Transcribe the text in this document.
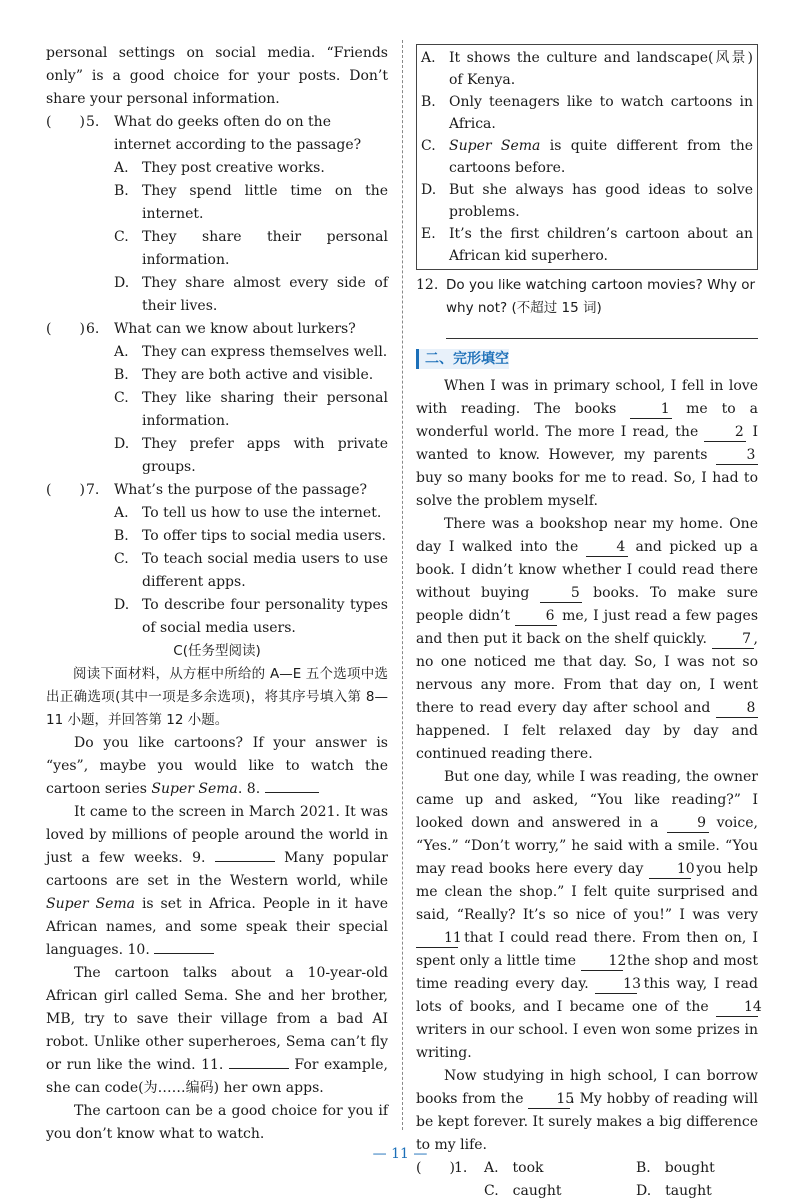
personal settings on social media. “Friends only” is a good choice for your posts. Don’t share your personal information.

(　　) 5. What do geeks often do on the internet according to the passage?
A. They post creative works.
B. They spend little time on the internet.
C. They share their personal information.
D. They share almost every side of their lives.
(　　) 6. What can we know about lurkers?
A. They can express themselves well.
B. They are both active and visible.
C. They like sharing their personal information.
D. They prefer apps with private groups.
(　　) 7. What’s the purpose of the passage?
A. To tell us how to use the internet.
B. To offer tips to social media users.
C. To teach social media users to use different apps.
D. To describe four personality types of social media users.
C(任务型阅读)

阅读下面材料，从方框中所给的 A—E 五个选项中选出正确选项(其中一项是多余选项)，将其序号填入第 8—11 小题，并回答第 12 小题。

Do you like cartoons? If your answer is “yes”, maybe you would like to watch the cartoon series Super Sema. 8.

It came to the screen in March 2021. It was loved by millions of people around the world in just a few weeks. 9.	Many popular cartoons are set in the Western world, while Super Sema is set in Africa. People in it have African names, and some speak their special languages. 10.

The cartoon talks about a 10-year-old African girl called Sema. She and her brother, MB, try to save their village from a bad AI robot. Unlike other superheroes, Sema can’t fly or run like the wind. 11.	For example, she can code(为……编码) her own apps.

The cartoon can be a good choice for you if you don’t know what to watch.

A. It shows the culture and landscape(风景) of Kenya.
B. Only teenagers like to watch cartoons in Africa.
C. Super Sema is quite different from the cartoons before.
D. But she always has good ideas to solve problems.
E. It’s the first children’s cartoon about an African kid superhero.
12. Do you like watching cartoon movies? Why or why not? (不超过 15 词)
二、完形填空

When I was in primary school, I fell in love with reading. The books 1 me to a wonderful world. The more I read, the 2 I wanted to know. However, my parents 3 buy so many books for me to read. So, I had to solve the problem myself.

There was a bookshop near my home. One day I walked into the 4 and picked up a book. I didn’t know whether I could read there without buying 5 books. To make sure people didn’t 6 me, I just read a few pages and then put it back on the shelf quickly. 7 , no one noticed me that day. So, I was not so nervous any more. From that day on, I went there to read every day after school and 8 happened. I felt relaxed day by day and continued reading there.

But one day, while I was reading, the owner came up and asked, “You like reading?” I looked down and answered in a 9 voice, “Yes.” “Don’t worry,” he said with a smile. “You may read books here every day 10 you help me clean the shop.” I felt quite surprised and said, “Really? It’s so nice of you!” I was very 11 that I could read there. From then on, I spent only a little time 12 the shop and most time reading every day. 13 this way, I read lots of books, and I became one of the 14 writers in our school. I even won some prizes in writing.

Now studying in high school, I can borrow books from the 15. My hobby of reading will be kept forever. It surely makes a big difference to my life.

(　　) 1. A. took	B. bought
C. caught	D. taught
— 11 —
